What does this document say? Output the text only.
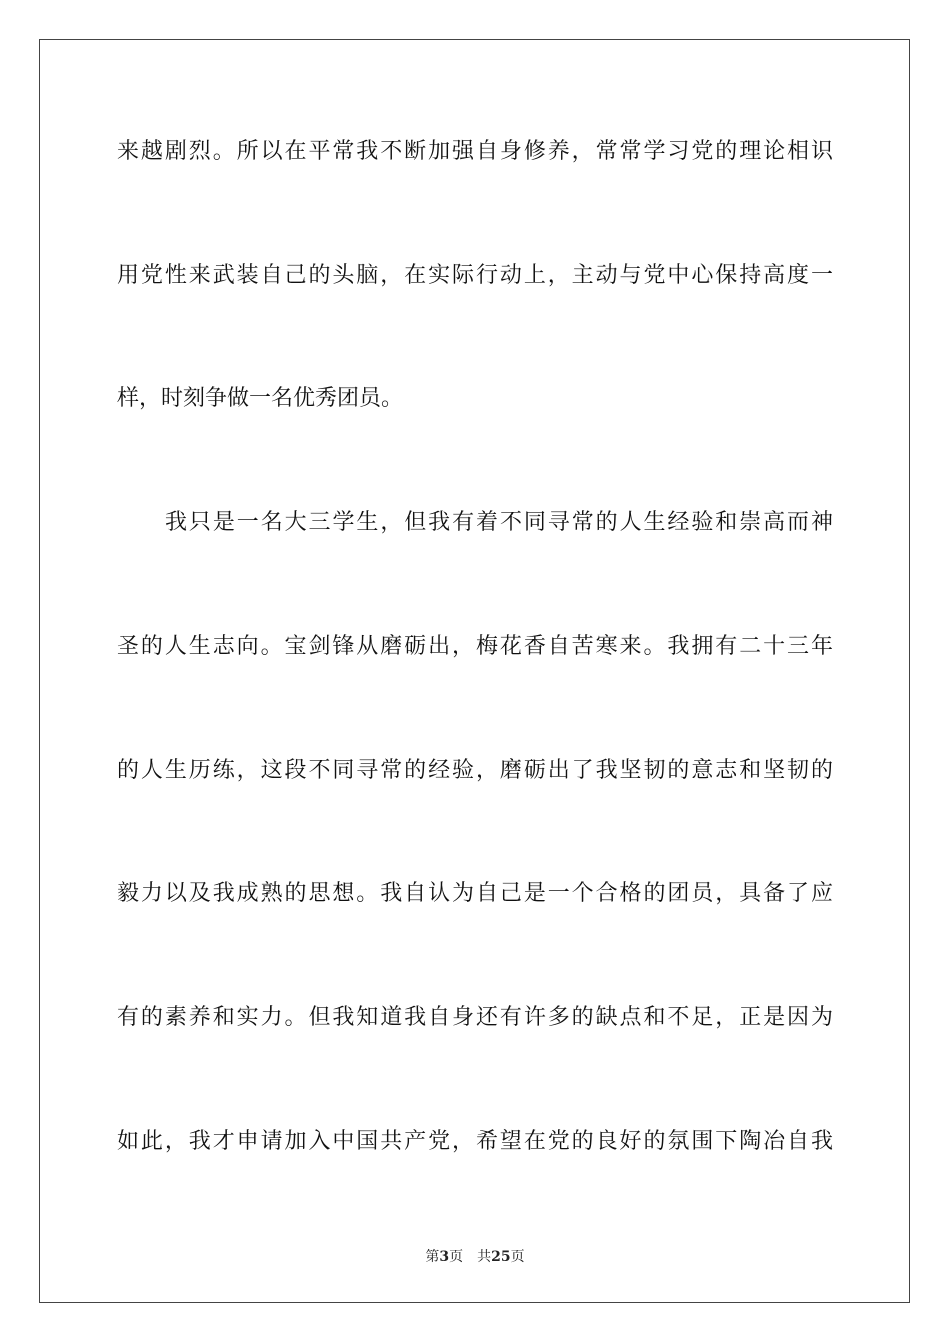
来越剧烈。所以在平常我不断加强自身修养，常常学习党的理论相识
用党性来武装自己的头脑，在实际行动上，主动与党中心保持高度一
样，时刻争做一名优秀团员。
我只是一名大三学生，但我有着不同寻常的人生经验和崇高而神
圣的人生志向。宝剑锋从磨砺出，梅花香自苦寒来。我拥有二十三年
的人生历练，这段不同寻常的经验，磨砺出了我坚韧的意志和坚韧的
毅力以及我成熟的思想。我自认为自己是一个合格的团员，具备了应
有的素养和实力。但我知道我自身还有许多的缺点和不足，正是因为
如此，我才申请加入中国共产党，希望在党的良好的氛围下陶冶自我
第3页 共25页
